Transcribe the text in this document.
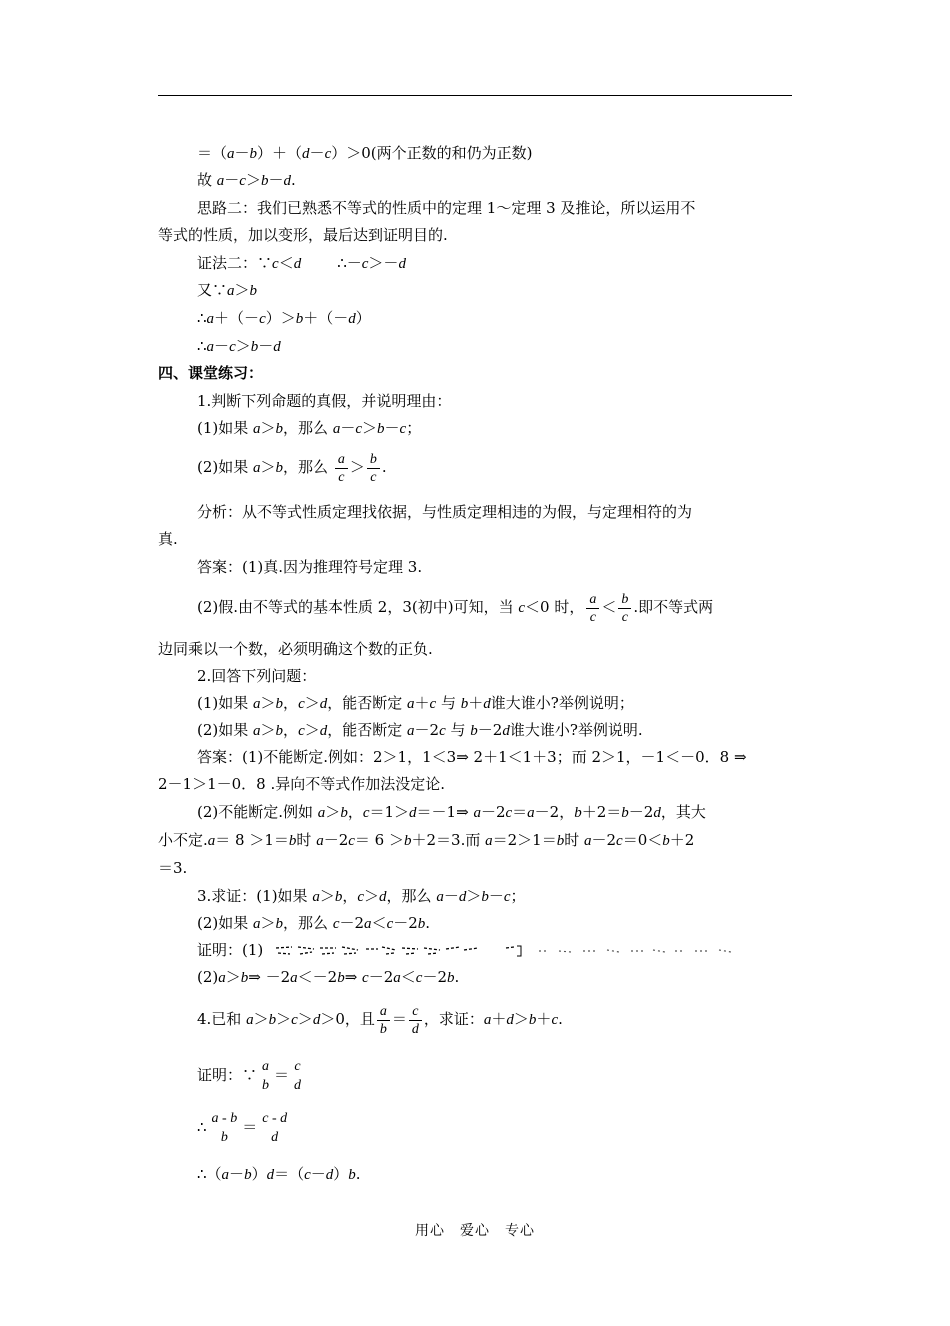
＝（a－b）＋（d－c）＞0(两个正数的和仍为正数)
故 a－c＞b－d.
思路二：我们已熟悉不等式的性质中的定理 1～定理 3 及推论，所以运用不
等式的性质，加以变形，最后达到证明目的.
证法二：∵c＜d ∴－c＞－d
又∵a＞b
∴a＋（－c）＞b＋（－d）
∴a－c＞b－d
四、课堂练习：
1.判断下列命题的真假，并说明理由：
(1)如果 a＞b，那么 a－c＞b－c；
(2)如果 a＞b，那么 $\frac{a}{c} > \frac{b}{c}$ .
分析：从不等式性质定理找依据，与性质定理相违的为假，与定理相符的为
真.
答案：(1)真.因为推理符号定理 3.
(2)假.由不等式的基本性质 2，3(初中)可知，当 c＜0 时， $\frac{a}{c} < \frac{b}{c}$ .即不等式两
边同乘以一个数，必须明确这个数的正负.
2.回答下列问题：
(1)如果 a＞b，c＞d，能否断定 a＋c 与 b＋d谁大谁小?举例说明；
(2)如果 a＞b，c＞d，能否断定 a－2c 与 b－2d谁大谁小?举例说明.
答案：(1)不能断定.例如：2＞1，1＜3⇒ 2＋1＜1＋3；而 2＞1，－1＜－0．8 ⇒
2－1＞1－0．8 .异向不等式作加法没定论.
(2)不能断定.例如 a＞b，c＝1＞d＝－1⇒ a－2c＝a－2，b＋2＝b－2d，其大
小不定.a＝ 8 ＞1＝b时 a－2c＝ 6 ＞b＋2＝3.而 a＝2＞1＝b时 a－2c＝0＜b＋2
＝3.
3.求证：(1)如果 a＞b，c＞d，那么 a－d＞b－c；
(2)如果 a＞b，那么 c－2a＜c－2b.
证明：(1)
(2)a＞b⇒ －2a＜－2b⇒ c－2a＜c－2b.
4.已和 a＞b＞c＞d＞0，且 $\frac{a}{b} = \frac{c}{d}$ ，求证：a＋d＞b＋c.
证明：∵ a
b
＝ c
d
∴ a - b
b
＝ c - d
d
∴（a－b）d＝（c－d）b.
用心　爱心　专心
